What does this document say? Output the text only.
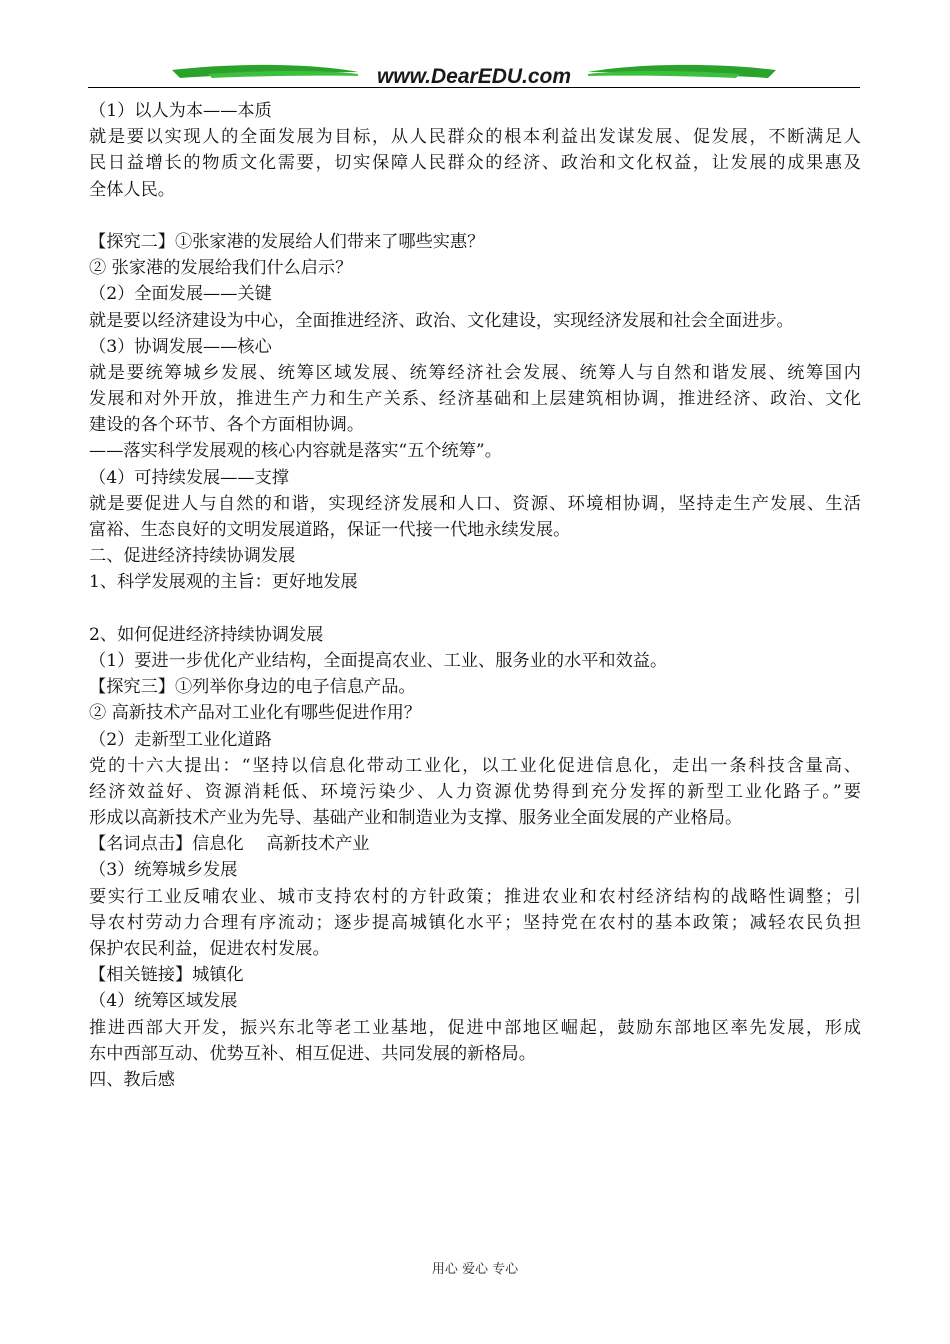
www.DearEDU.com
（1）以人为本——本质
就是要以实现人的全面发展为目标，从人民群众的根本利益出发谋发展、促发展，不断满足人
民日益增长的物质文化需要，切实保障人民群众的经济、政治和文化权益，让发展的成果惠及
全体人民。
【探究二】①张家港的发展给人们带来了哪些实惠？
② 张家港的发展给我们什么启示？
（2）全面发展——关键
就是要以经济建设为中心，全面推进经济、政治、文化建设，实现经济发展和社会全面进步。
（3）协调发展——核心
就是要统筹城乡发展、统筹区域发展、统筹经济社会发展、统筹人与自然和谐发展、统筹国内
发展和对外开放，推进生产力和生产关系、经济基础和上层建筑相协调，推进经济、政治、文化
建设的各个环节、各个方面相协调。
——落实科学发展观的核心内容就是落实“五个统筹”。
（4）可持续发展——支撑
就是要促进人与自然的和谐，实现经济发展和人口、资源、环境相协调，坚持走生产发展、生活
富裕、生态良好的文明发展道路，保证一代接一代地永续发展。
二、促进经济持续协调发展
1、科学发展观的主旨：更好地发展
2、如何促进经济持续协调发展
（1）要进一步优化产业结构，全面提高农业、工业、服务业的水平和效益。
【探究三】①列举你身边的电子信息产品。
② 高新技术产品对工业化有哪些促进作用？
（2）走新型工业化道路
党的十六大提出：“坚持以信息化带动工业化，以工业化促进信息化，走出一条科技含量高、
经济效益好、资源消耗低、环境污染少、人力资源优势得到充分发挥的新型工业化路子。”要
形成以高新技术产业为先导、基础产业和制造业为支撑、服务业全面发展的产业格局。
【名词点击】信息化　 高新技术产业
（3）统筹城乡发展
要实行工业反哺农业、城市支持农村的方针政策；推进农业和农村经济结构的战略性调整；引
导农村劳动力合理有序流动；逐步提高城镇化水平；坚持党在农村的基本政策；减轻农民负担
保护农民利益，促进农村发展。
【相关链接】城镇化
（4）统筹区域发展
推进西部大开发，振兴东北等老工业基地，促进中部地区崛起，鼓励东部地区率先发展，形成
东中西部互动、优势互补、相互促进、共同发展的新格局。
四、教后感
用心 爱心 专心
